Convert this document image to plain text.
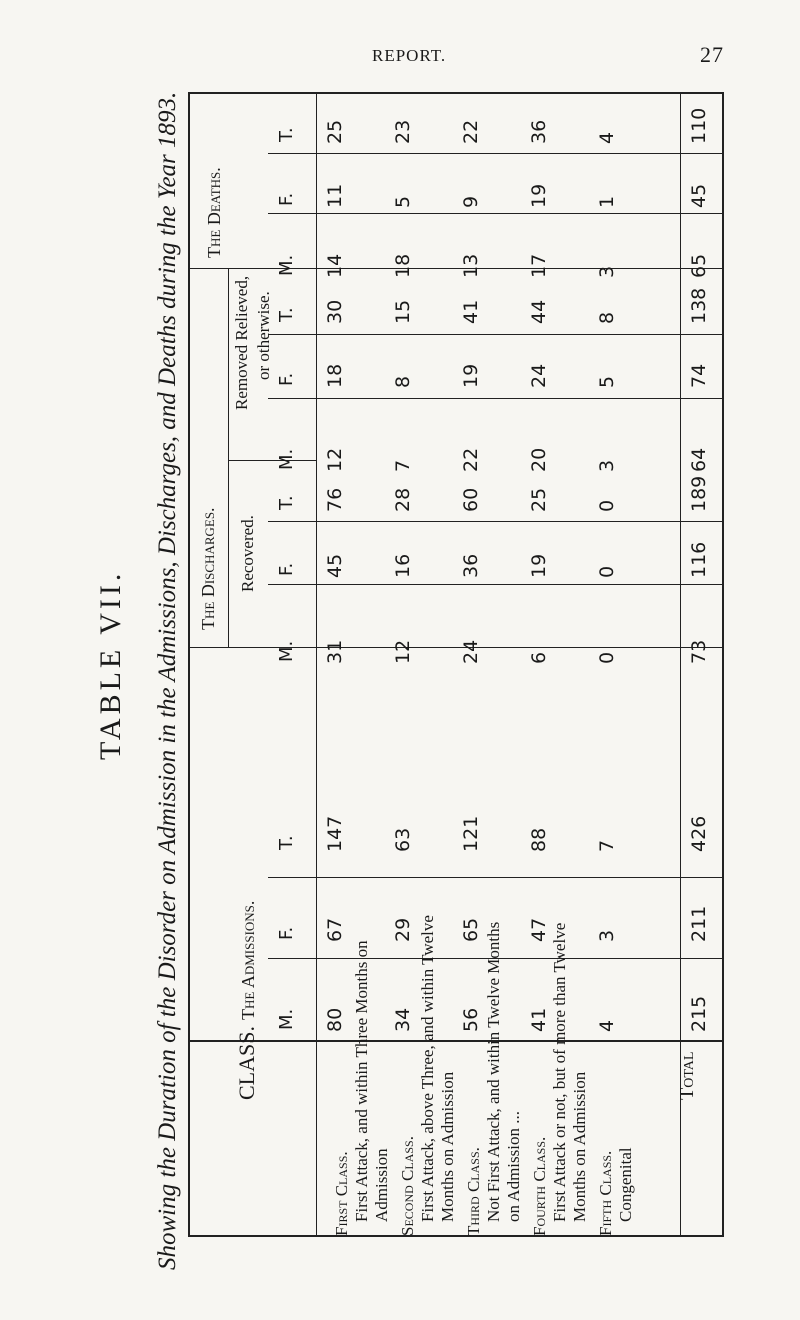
REPORT.	27
Showing the Duration of the Disorder on Admission in the Admissions, Discharges, and Deaths during the Year 1893.
TABLE VII.
The Deaths.
The Discharges. Recovered.
Removed Relieved, or otherwise.
The Admissions.
CLASS.
M.
F.
T.
M.
F.
T.
M.
F.
T.
M.
F.
T.
First Class. First Attack, and within Three Months on Admission Second Class. First Attack, above Three, and within Twelve Months on Admission Third Class. Not First Attack, and within Twelve Months on Admission ... Fourth Class. First Attack or not, but of more than Twelve Months on Admission Fifth Class. Congenital
Total
80 34 56 41 4
67 29 65 47 3
147 63 121 88 7
31 12 24 6 0
45 16 36 19 0
76 28 60 25 0
12 7 22 20 3
18 8 19 24 5
30 15 41 44 8
14 18 13 17 3
11 5 9 19 1
25 23 22 36 4
215
211
426
73
116
189
64
74
138
65
45
110
